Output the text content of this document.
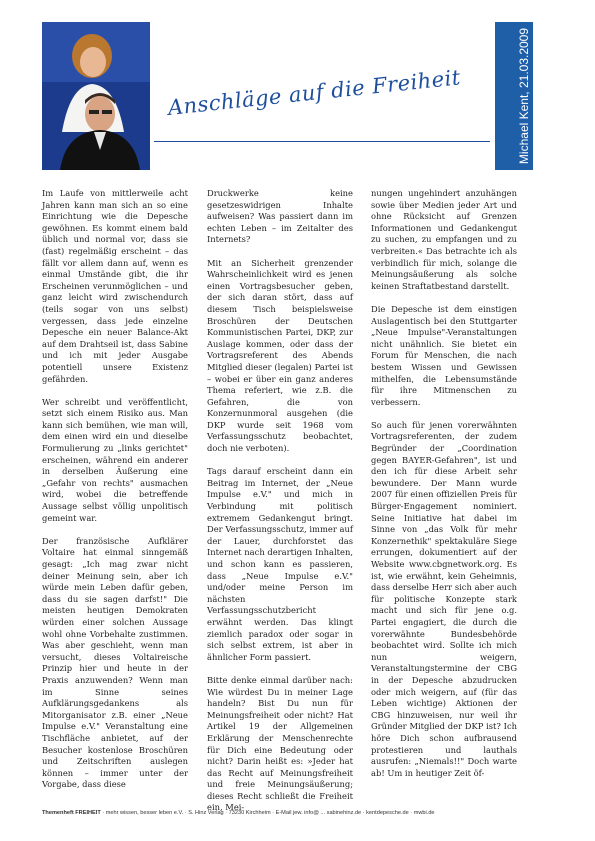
Anschläge auf die Freiheit	Michael Kent, 21.03.2009

Im Laufe von mittlerweile acht Jahren kann man sich an so eine Einrichtung wie die Depesche gewöhnen. Es kommt einem bald üblich und normal vor, dass sie (fast) regelmäßig erscheint – das fällt vor allem dann auf, wenn es einmal Umstände gibt, die ihr Erscheinen verunmöglichen – und ganz leicht wird zwischendurch (teils sogar von uns selbst) vergessen, dass jede einzelne Depesche ein neuer Balance-Akt auf dem Drahtseil ist, dass Sabine und ich mit jeder Ausgabe potentiell unsere Existenz gefährden.

Wer schreibt und veröffentlicht, setzt sich einem Risiko aus. Man kann sich bemühen, wie man will, dem einen wird ein und dieselbe Formulierung zu „links gerichtet" erscheinen, während ein anderer in derselben Äußerung eine „Gefahr von rechts" ausmachen wird, wobei die betreffende Aussage selbst völlig unpolitisch gemeint war.

Der französische Aufklärer Voltaire hat einmal sinngemäß gesagt: „Ich mag zwar nicht deiner Meinung sein, aber ich würde mein Leben dafür geben, dass du sie sagen darfst!" Die meisten heutigen Demokraten würden einer solchen Aussage wohl ohne Vorbehalte zustimmen. Was aber geschieht, wenn man versucht, dieses Voltaireische Prinzip hier und heute in der Praxis anzuwenden? Wenn man im Sinne seines Aufklärungsgedankens als Mitorganisator z.B. einer „Neue Impulse e.V." Veranstaltung eine Tischfläche anbietet, auf der Besucher kostenlose Broschüren und Zeitschriften auslegen können – immer unter der Vorgabe, dass diese

Druckwerke keine gesetzeswidrigen Inhalte aufweisen? Was passiert dann im echten Leben – im Zeitalter des Internets?

Mit an Sicherheit grenzender Wahrscheinlichkeit wird es jenen einen Vortragsbesucher geben, der sich daran stört, dass auf diesem Tisch beispielsweise Broschüren der Deutschen Kommunistischen Partei, DKP, zur Auslage kommen, oder dass der Vortragsreferent des Abends Mitglied dieser (legalen) Partei ist – wobei er über ein ganz anderes Thema referiert, wie z.B. die Gefahren, die von Konzernunmoral ausgehen (die DKP wurde seit 1968 vom Verfassungsschutz beobachtet, doch nie verboten).

Tags darauf erscheint dann ein Beitrag im Internet, der „Neue Impulse e.V." und mich in Verbindung mit politisch extremem Gedankengut bringt. Der Verfassungsschutz, immer auf der Lauer, durchforstet das Internet nach derartigen Inhalten, und schon kann es passieren, dass „Neue Impulse e.V." und/oder meine Person im nächsten Verfassungsschutzbericht erwähnt werden. Das klingt ziemlich paradox oder sogar in sich selbst extrem, ist aber in ähnlicher Form passiert.

Bitte denke einmal darüber nach: Wie würdest Du in meiner Lage handeln? Bist Du nun für Meinungsfreiheit oder nicht? Hat Artikel 19 der Allgemeinen Erklärung der Menschenrechte für Dich eine Bedeutung oder nicht? Darin heißt es: »Jeder hat das Recht auf Meinungsfreiheit und freie Meinungsäußerung; dieses Recht schließt die Freiheit ein, Mei-

nungen ungehindert anzuhängen sowie über Medien jeder Art und ohne Rücksicht auf Grenzen Informationen und Gedankengut zu suchen, zu empfangen und zu verbreiten.« Das betrachte ich als verbindlich für mich, solange die Meinungsäußerung als solche keinen Straftatbestand darstellt.

Die Depesche ist dem einstigen Auslagentisch bei den Stuttgarter „Neue Impulse"-Veranstaltungen nicht unähnlich. Sie bietet ein Forum für Menschen, die nach bestem Wissen und Gewissen mithelfen, die Lebensumstände für ihre Mitmenschen zu verbessern.

So auch für jenen vorerwähnten Vortragsreferenten, der zudem Begründer der „Coordination gegen BAYER-Gefahren", ist und den ich für diese Arbeit sehr bewundere. Der Mann wurde 2007 für einen offiziellen Preis für Bürger-Engagement nominiert. Seine Initiative hat dabei im Sinne von „das Volk für mehr Konzernethik" spektakuläre Siege errungen, dokumentiert auf der Website www.cbgnetwork.org. Es ist, wie erwähnt, kein Geheimnis, dass derselbe Herr sich aber auch für politische Konzepte stark macht und sich für jene o.g. Partei engagiert, die durch die vorerwähnte Bundesbehörde beobachtet wird. Sollte ich mich nun weigern, Veranstaltungstermine der CBG in der Depesche abzudrucken oder mich weigern, auf (für das Leben wichtige) Aktionen der CBG hinzuweisen, nur weil ihr Gründer Mitglied der DKP ist? Ich höre Dich schon aufbrausend protestieren und lauthals ausrufen: „Niemals!!" Doch warte ab! Um in heutiger Zeit öf-

Themenheft FREIHEIT · mehr wissen, besser leben e.V. · S. Hinz Verlag · 73230 Kirchheim · E-Mail jew. info@ ... sabinehinz.de · kentdepesche.de · mwbi.de
